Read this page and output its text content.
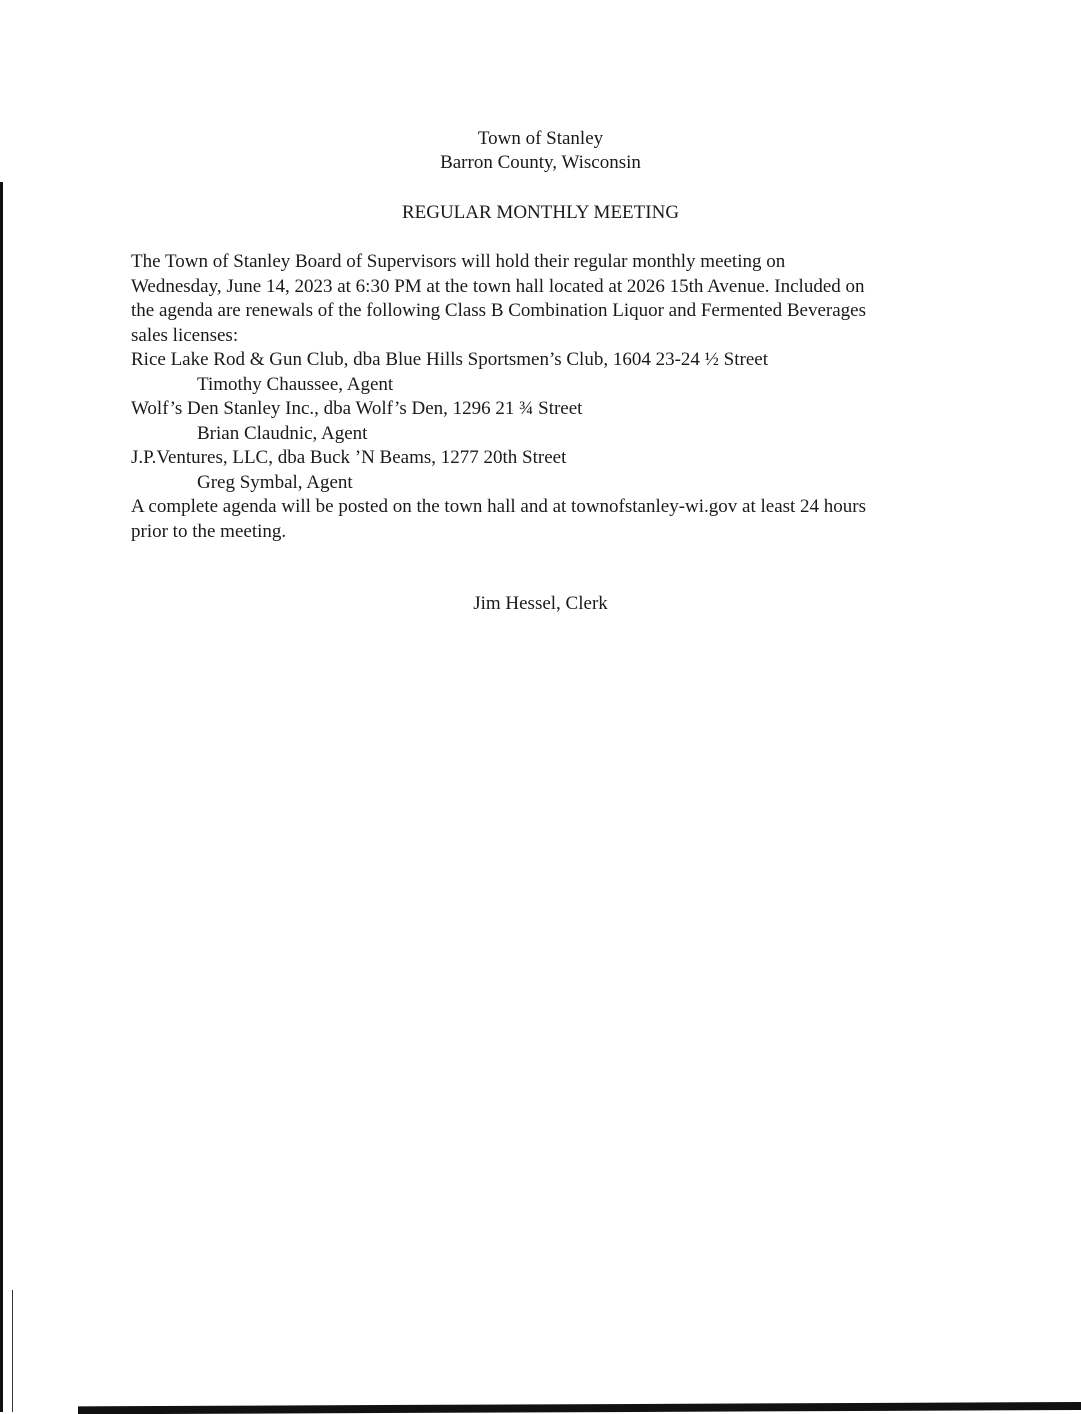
Town of Stanley
Barron County, Wisconsin
REGULAR MONTHLY MEETING
The Town of Stanley Board of Supervisors will hold their regular monthly meeting on
Wednesday, June 14, 2023 at 6:30 PM at the town hall located at 2026 15th Avenue. Included on
the agenda are renewals of the following Class B Combination Liquor and Fermented Beverages
sales licenses:
Rice Lake Rod & Gun Club, dba Blue Hills Sportsmen’s Club, 1604 23-24 ½ Street
Timothy Chaussee, Agent
Wolf’s Den Stanley Inc., dba Wolf’s Den, 1296 21 ¾ Street
Brian Claudnic, Agent
J.P.Ventures, LLC, dba Buck ’N Beams, 1277 20th Street
Greg Symbal, Agent
A complete agenda will be posted on the town hall and at townofstanley-wi.gov at least 24 hours
prior to the meeting.
Jim Hessel, Clerk
